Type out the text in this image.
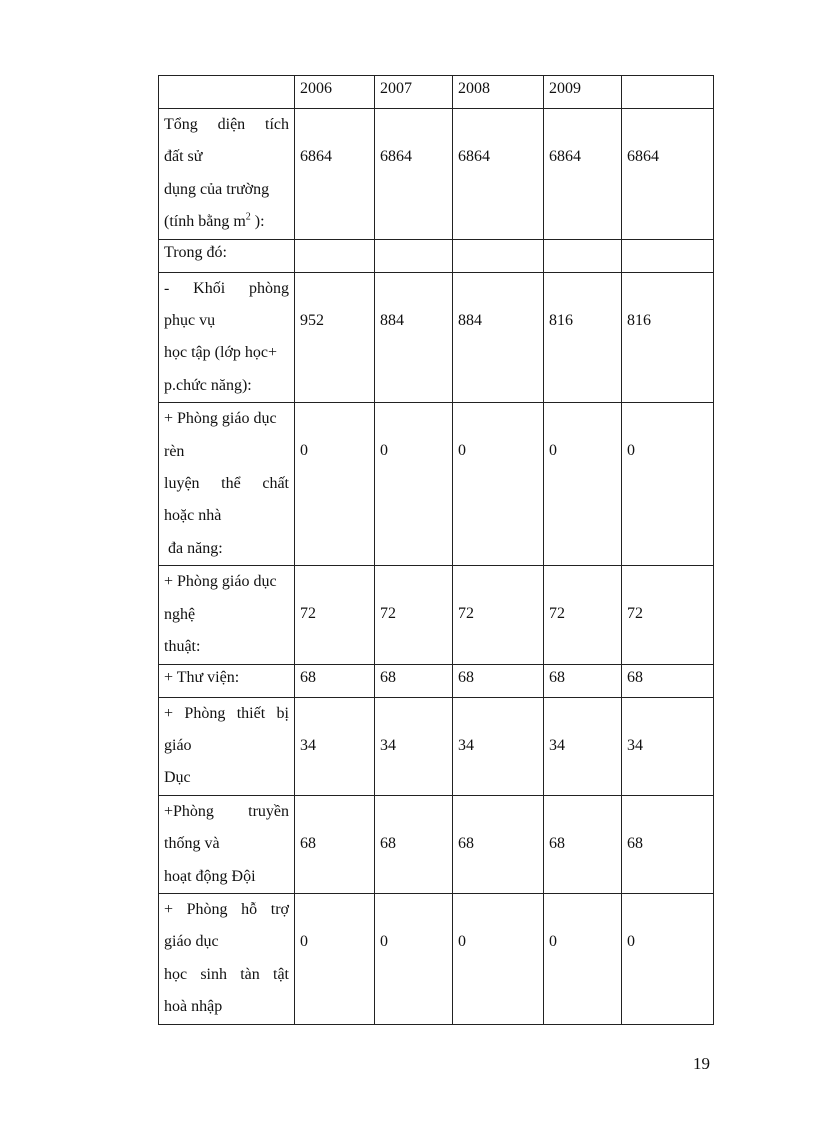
	2006	2007	2008	2009	

Tổng diện tích
đất sử
dụng của trường
(tính bằng $m^2$ ):	6864	6864	6864	6864	6864
Trong đó:					

- Khối phòng
phục vụ
học tập (lớp học+
p.chức năng):	952	884	884	816	816

+ Phòng giáo dục
rèn
luyện thể chất
hoặc nhà
đa năng:	0	0	0	0	0

+ Phòng giáo dục
nghệ
thuật:	72	72	72	72	72
+ Thư viện:	68	68	68	68	68

+ Phòng thiết bị
giáo
Dục	34	34	34	34	34

+Phòng truyền
thống và
hoạt động Đội	68	68	68	68	68

+ Phòng hỗ trợ
giáo dục
học sinh tàn tật
hoà nhập	0	0	0	0	0
19
